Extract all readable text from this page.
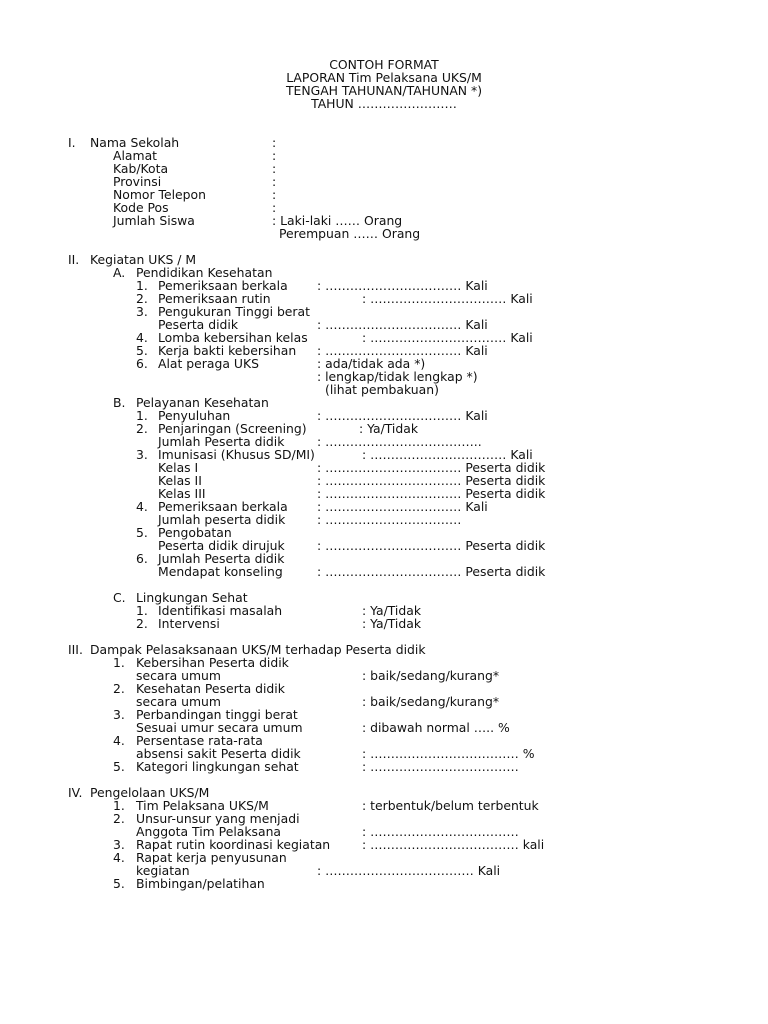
CONTOH FORMAT
LAPORAN Tim Pelaksana UKS/M
TENGAH TAHUNAN/TAHUNAN *)
TAHUN ……………………
I. Nama Sekolah	:
Alamat	:
Kab/Kota	:
Provinsi	:
Nomor Telepon	:
Kode Pos	:
Jumlah Siswa	: Laki-laki …… Orang
Perempuan …… Orang
II. Kegiatan UKS / M
A. Pendidikan Kesehatan
1. Pemeriksaan berkala : …………………………… Kali
2. Pemeriksaan rutin	: …………………………… Kali
3. Pengukuran Tinggi berat
Peserta didik	: …………………………… Kali
4. Lomba kebersihan kelas	: …………………………… Kali
5. Kerja bakti kebersihan : …………………………… Kali
6. Alat peraga UKS	: ada/tidak ada *)
: lengkap/tidak lengkap *)
(lihat pembakuan)
B. Pelayanan Kesehatan
1. Penyuluhan	: …………………………… Kali
2. Penjaringan (Screening)	: Ya/Tidak
Jumlah Peserta didik	: ………………………………..
3. Imunisasi (Khusus SD/MI)	: …………………………… Kali
Kelas I	: …………………………… Peserta didik
Kelas II	: …………………………… Peserta didik
Kelas III	: …………………………… Peserta didik
4. Pemeriksaan berkala : …………………………… Kali
Jumlah peserta didik	: ……………………………
5. Pengobatan
Peserta didik dirujuk	: …………………………… Peserta didik
6. Jumlah Peserta didik
Mendapat konseling	: …………………………… Peserta didik
C. Lingkungan Sehat
1. Identifikasi masalah	: Ya/Tidak
2. Intervensi	: Ya/Tidak
III. Dampak Pelasaksanaan UKS/M terhadap Peserta didik
1. Kebersihan Peserta didik
secara umum	: baik/sedang/kurang*
2. Kesehatan Peserta didik
secara umum	: baik/sedang/kurang*
3. Perbandingan tinggi berat
Sesuai umur secara umum	: dibawah normal ….. %
4. Persentase rata-rata
absensi sakit Peserta didik	: ……………………………… %
5. Kategori lingkungan sehat	: ………………………………
IV. Pengelolaan UKS/M
1. Tim Pelaksana UKS/M	: terbentuk/belum terbentuk
2. Unsur-unsur yang menjadi
Anggota Tim Pelaksana	: ………………………………
3. Rapat rutin koordinasi kegiatan	: ……………………………… kali
4. Rapat kerja penyusunan
kegiatan	: ……………………………… Kali
5. Bimbingan/pelatihan
